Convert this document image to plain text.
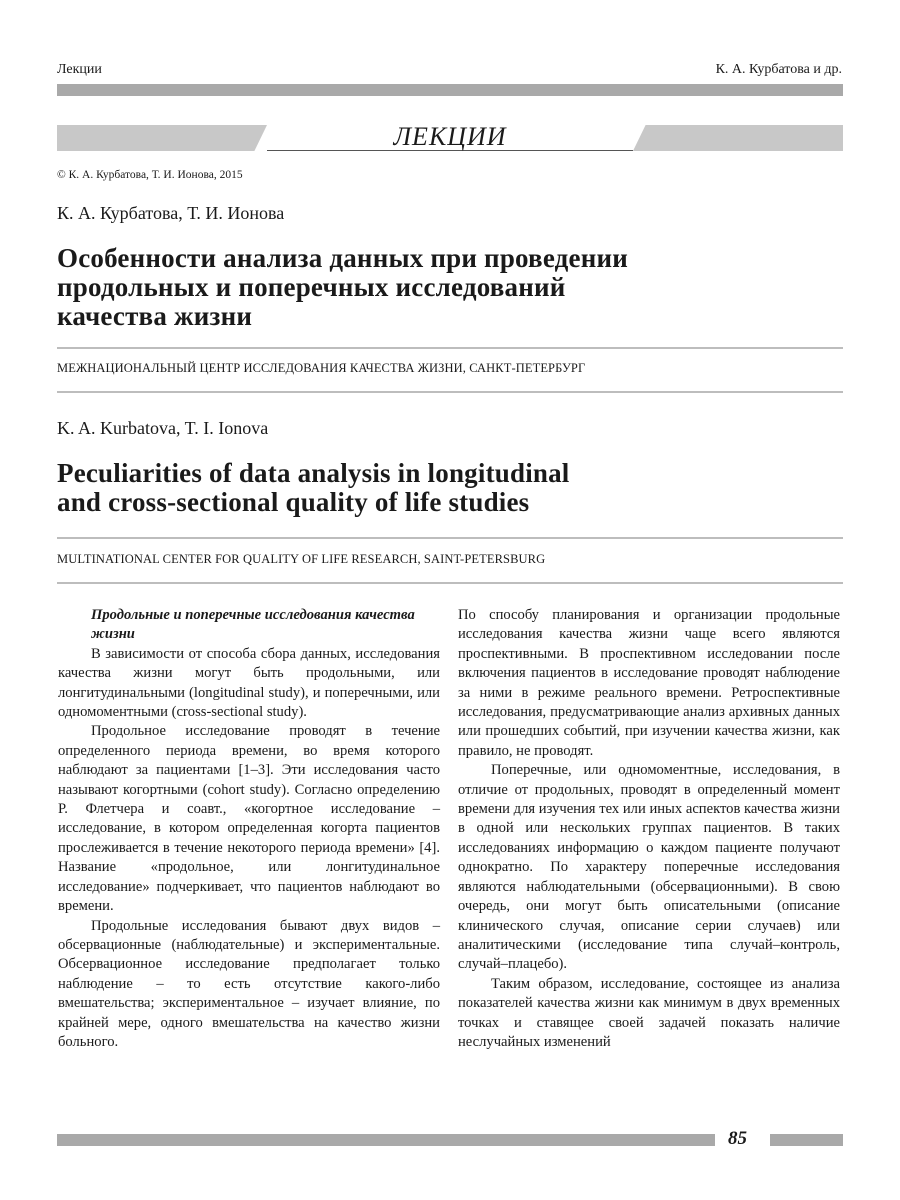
Лекции	К. А. Курбатова и др.
ЛЕКЦИИ
© К. А. Курбатова, Т. И. Ионова, 2015
К. А. Курбатова, Т. И. Ионова
Особенности анализа данных при проведении
продольных и поперечных исследований
качества жизни
МЕЖНАЦИОНАЛЬНЫЙ ЦЕНТР ИССЛЕДОВАНИЯ КАЧЕСТВА ЖИЗНИ, САНКТ-ПЕТЕРБУРГ
K. A. Kurbatova, T. I. Ionova
Peculiarities of data analysis in longitudinal
and cross-sectional quality of life studies
MULTINATIONAL CENTER FOR QUALITY OF LIFE RESEARCH, SAINT-PETERSBURG
Продольные и поперечные исследования качества жизни

В зависимости от способа сбора данных, исследования качества жизни могут быть продольными, или лонгитудинальными (longitudinal study), и поперечными, или одномоментными (cross-sectional study).

Продольное исследование проводят в течение определенного периода времени, во время которого наблюдают за пациентами [1–3]. Эти исследования часто называют когортными (cohort study). Согласно определению Р. Флетчера и соавт., «когортное исследование – исследование, в котором определенная когорта пациентов прослеживается в течение некоторого периода времени» [4]. Название «продольное, или лонгитудинальное исследование» подчеркивает, что пациентов наблюдают во времени.

Продольные исследования бывают двух видов – обсервационные (наблюдательные) и экспериментальные. Обсервационное исследование предполагает только наблюдение – то есть отсутствие какого-либо вмешательства; экспериментальное – изучает влияние, по крайней мере, одного вмешательства на качество жизни больного.

По способу планирования и организации продольные исследования качества жизни чаще всего являются проспективными. В проспективном исследовании после включения пациентов в исследование проводят наблюдение за ними в режиме реального времени. Ретроспективные исследования, предусматривающие анализ архивных данных или прошедших событий, при изучении качества жизни, как правило, не проводят.

Поперечные, или одномоментные, исследования, в отличие от продольных, проводят в определенный момент времени для изучения тех или иных аспектов качества жизни в одной или нескольких группах пациентов. В таких исследованиях информацию о каждом пациенте получают однократно. По характеру поперечные исследования являются наблюдательными (обсервационными). В свою очередь, они могут быть описательными (описание клинического случая, описание серии случаев) или аналитическими (исследование типа случай–контроль, случай–плацебо).

Таким образом, исследование, состоящее из анализа показателей качества жизни как минимум в двух временных точках и ставящее своей задачей показать наличие неслучайных изменений

85
